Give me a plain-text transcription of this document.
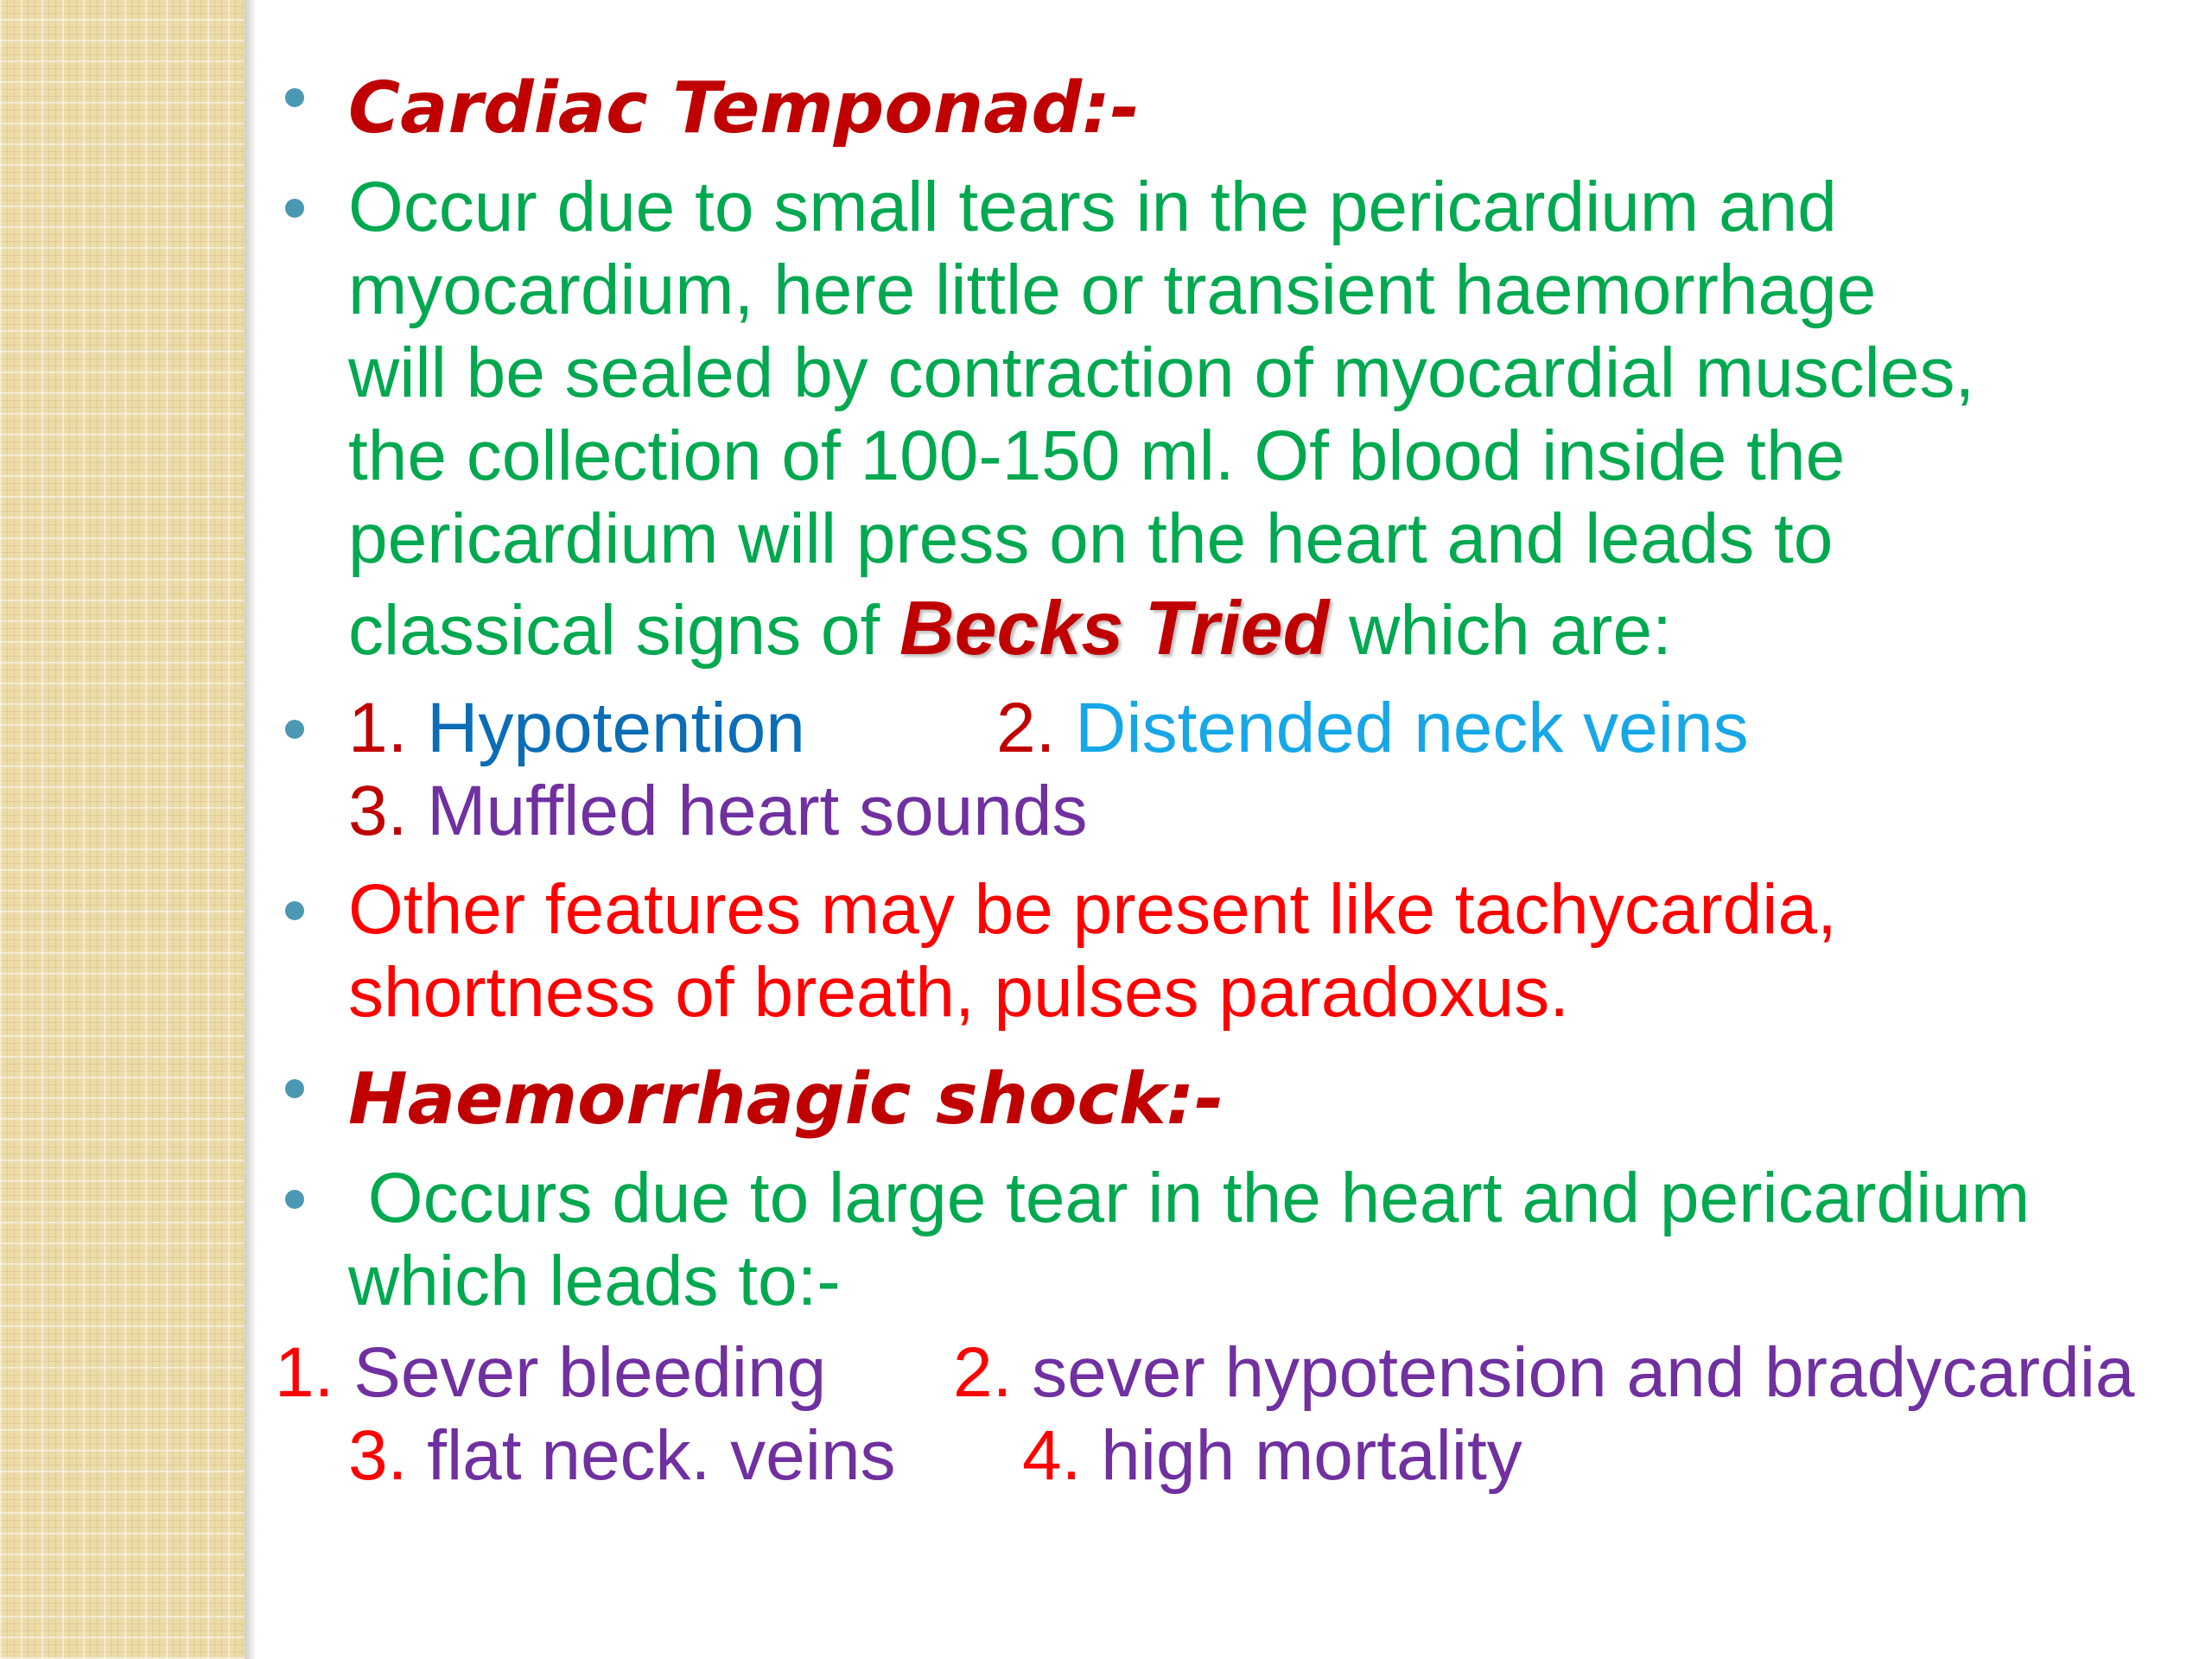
Cardiac Temponad:-
Occur due to small tears in the pericardium and
myocardium, here little or transient haemorrhage
will be sealed by contraction of myocardial muscles,
the collection of 100-150 ml. Of blood inside the
pericardium will press on the heart and leads to
classical signs of Becks Tried which are:
1. Hypotention	2. Distended neck veins
3. Muffled heart sounds
Other features may be present like tachycardia,
shortness of breath, pulses paradoxus.
Haemorrhagic shock:-
Occurs due to large tear in the heart and pericardium
which leads to:-
1. Sever bleeding 2. sever hypotension and bradycardia
3. flat neck. veins 4. high mortality
